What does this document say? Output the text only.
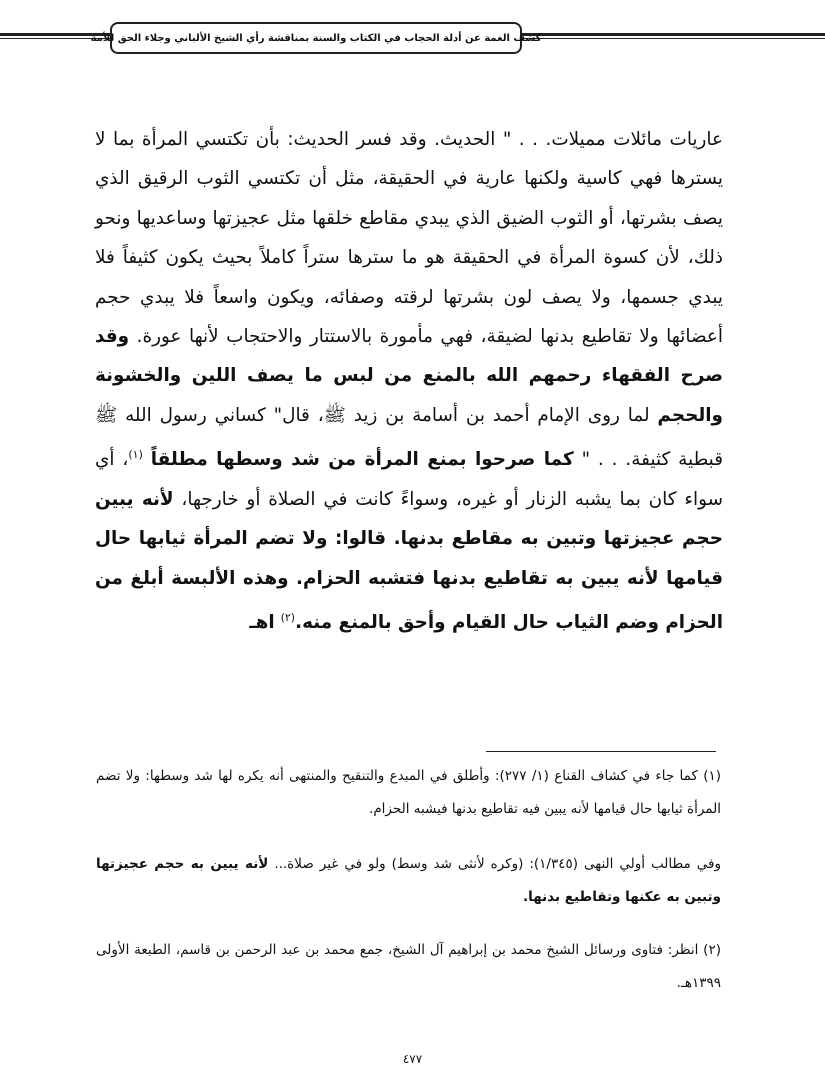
كشف الغمة عن أدلة الحجاب في الكتاب والسنة بمناقشة رأي الشيخ الألباني وجلاء الحق للأمة
عاريات مائلات مميلات. . . " الحديث. وقد فسر الحديث: بأن تكتسي المرأة بما لا يسترها فهي كاسية ولكنها عارية في الحقيقة، مثل أن تكتسي الثوب الرقيق الذي يصف بشرتها، أو الثوب الضيق الذي يبدي مقاطع خلقها مثل عجيزتها وساعديها ونحو ذلك، لأن كسوة المرأة في الحقيقة هو ما سترها ستراً كاملاً بحيث يكون كثيفاً فلا يبدي جسمها، ولا يصف لون بشرتها لرقته وصفائه، ويكون واسعاً فلا يبدي حجم أعضائها ولا تقاطيع بدنها لضيقة، فهي مأمورة بالاستتار والاحتجاب لأنها عورة. وقد صرح الفقهاء رحمهم الله بالمنع من لبس ما يصف اللين والخشونة والحجم لما روى الإمام أحمد بن أسامة بن زيد ﷺ، قال" كساني رسول الله ﷺ قبطية كثيفة. . . " كما صرحوا بمنع المرأة من شد وسطها مطلقاً $^{(١)}$، أي سواء كان بما يشبه الزنار أو غيره، وسواءً كانت في الصلاة أو خارجها، لأنه يبين حجم عجيزتها وتبين به مقاطع بدنها. قالوا: ولا تضم المرأة ثيابها حال قيامها لأنه يبين به تقاطيع بدنها فتشبه الحزام. وهذه الألبسة أبلغ من الحزام وضم الثياب حال القيام وأحق بالمنع منه.$^{(٢)}$ اهـ
(١) كما جاء في كشاف القناع (١/ ٢٧٧): وأطلق في المبدع والتنقيح والمنتهى أنه يكره لها شد وسطها: ولا تضم المرأة ثيابها حال قيامها لأنه يبين فيه تقاطيع بدنها فيشبه الحزام.
وفي مطالب أولي النهى (١/٣٤٥): (وكره لأنثى شد وسط) ولو في غير صلاة... لأنه يبين به حجم عجيزتها وتبين به عكنها وتقاطيع بدنها.
(٢) انظر: فتاوى ورسائل الشيخ محمد بن إبراهيم آل الشيخ، جمع محمد بن عبد الرحمن بن قاسم، الطبعة الأولى ١٣٩٩هـ.
٤٧٧
